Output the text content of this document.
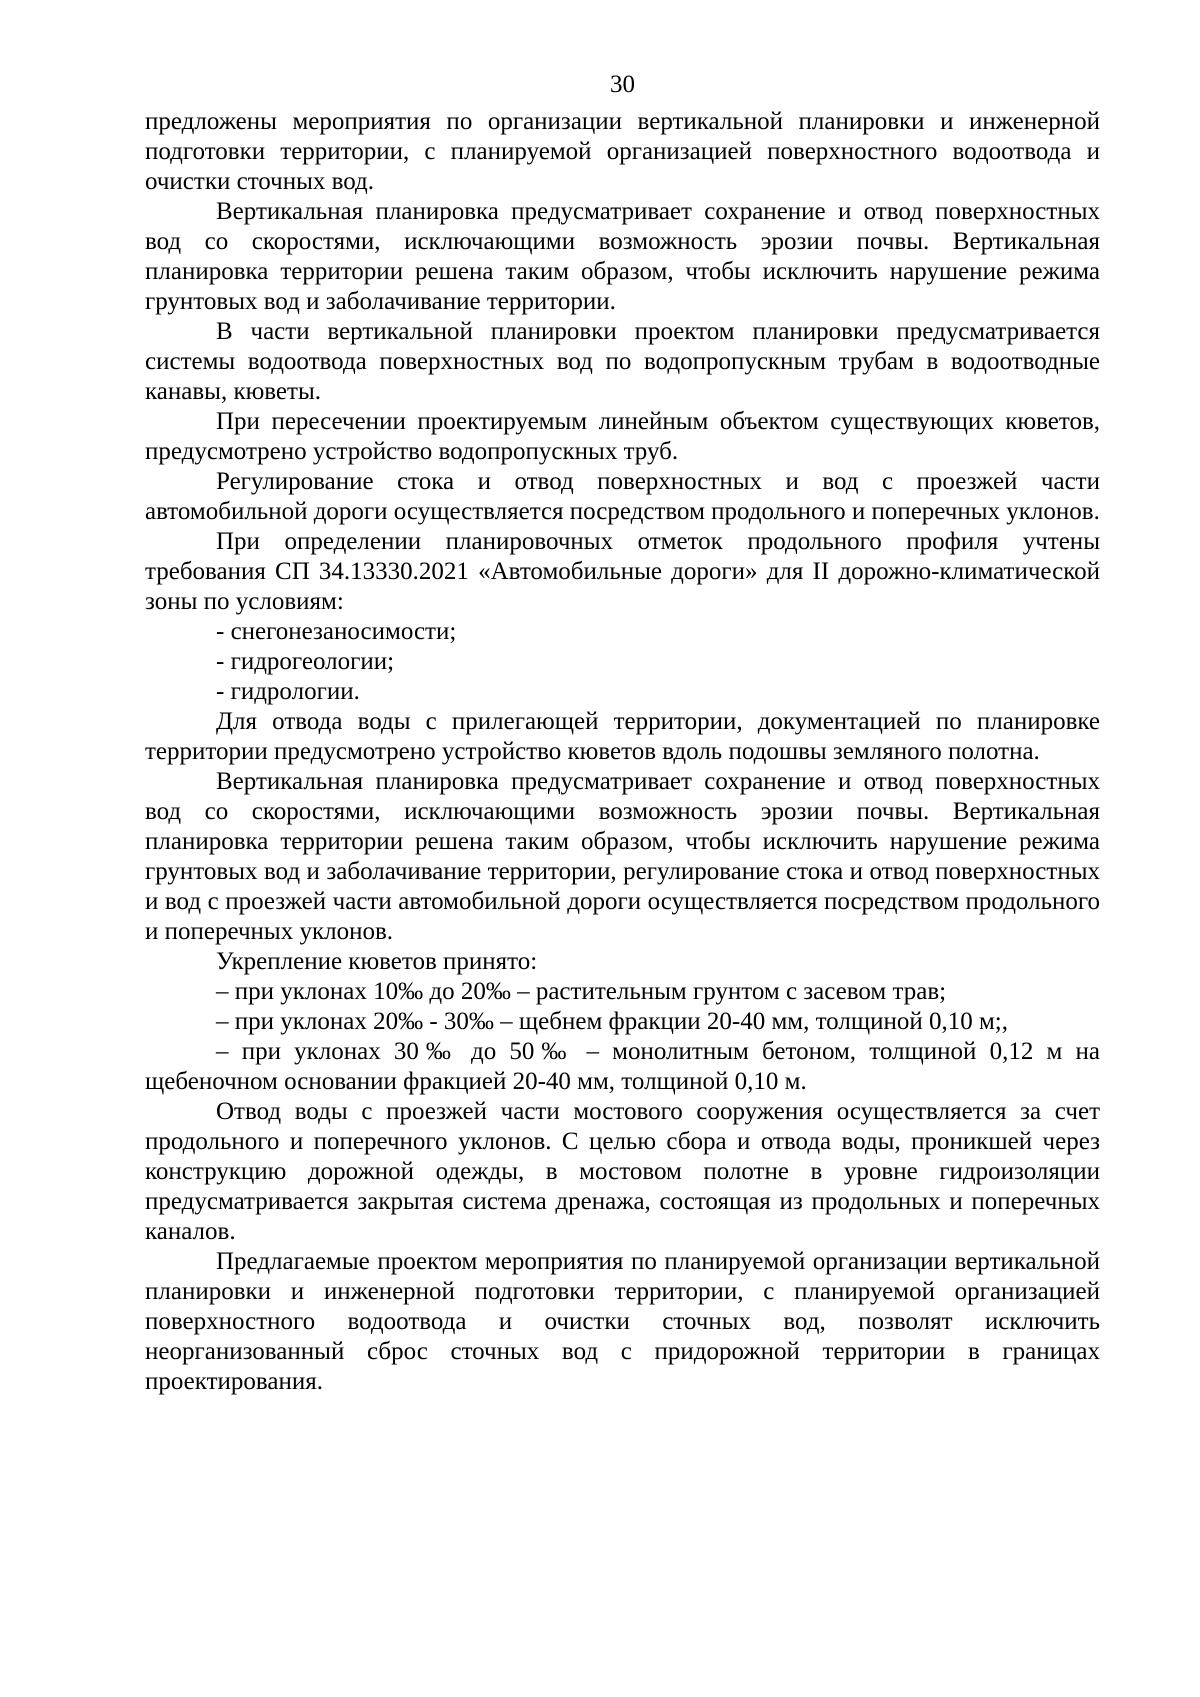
30

предложены мероприятия по организации вертикальной планировки и инженерной подготовки территории, с планируемой организацией поверхностного водоотвода и очистки сточных вод.

Вертикальная планировка предусматривает сохранение и отвод поверхностных вод со скоростями, исключающими возможность эрозии почвы. Вертикальная планировка территории решена таким образом, чтобы исключить нарушение режима грунтовых вод и заболачивание территории.

В части вертикальной планировки проектом планировки предусматривается системы водоотвода поверхностных вод по водопропускным трубам в водоотводные канавы, кюветы.

При пересечении проектируемым линейным объектом существующих кюветов, предусмотрено устройство водопропускных труб.

Регулирование стока и отвод поверхностных и вод с проезжей части автомобильной дороги осуществляется посредством продольного и поперечных уклонов.

При определении планировочных отметок продольного профиля учтены требования СП 34.13330.2021 «Автомобильные дороги» для II дорожно-климатической зоны по условиям:

- снегонезаносимости;

- гидрогеологии;

- гидрологии.

Для отвода воды с прилегающей территории, документацией по планировке территории предусмотрено устройство кюветов вдоль подошвы земляного полотна.

Вертикальная планировка предусматривает сохранение и отвод поверхностных вод со скоростями, исключающими возможность эрозии почвы. Вертикальная планировка территории решена таким образом, чтобы исключить нарушение режима грунтовых вод и заболачивание территории, регулирование стока и отвод поверхностных и вод с проезжей части автомобильной дороги осуществляется посредством продольного и поперечных уклонов.

Укрепление кюветов принято:

– при уклонах 10‰ до 20‰ – растительным грунтом с засевом трав;

– при уклонах 20‰ - 30‰ – щебнем фракции 20-40 мм, толщиной 0,10 м;,

– при уклонах 30‰ до 50‰ – монолитным бетоном, толщиной 0,12 м на щебеночном основании фракцией 20-40 мм, толщиной 0,10 м.

Отвод воды с проезжей части мостового сооружения осуществляется за счет продольного и поперечного уклонов. С целью сбора и отвода воды, проникшей через конструкцию дорожной одежды, в мостовом полотне в уровне гидроизоляции предусматривается закрытая система дренажа, состоящая из продольных и поперечных каналов.

Предлагаемые проектом мероприятия по планируемой организации вертикальной планировки и инженерной подготовки территории, с планируемой организацией поверхностного водоотвода и очистки сточных вод, позволят исключить неорганизованный сброс сточных вод с придорожной территории в границах проектирования.
